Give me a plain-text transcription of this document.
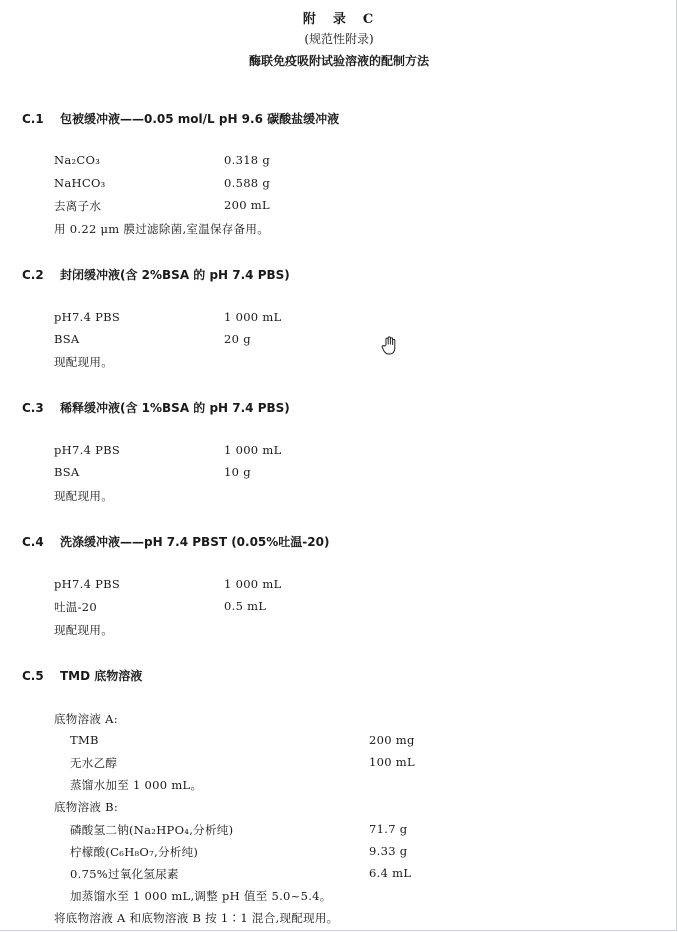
附　录　C
(规范性附录)
酶联免疫吸附试验溶液的配制方法
C.1 包被缓冲液——0.05 mol/L pH 9.6 碳酸盐缓冲液
Na₂CO₃	0.318 g
NaHCO₃	0.588 g
去离子水	200 mL
用 0.22 μm 膜过滤除菌,室温保存备用。
C.2 封闭缓冲液(含 2%BSA 的 pH 7.4 PBS)
pH7.4 PBS	1 000 mL
BSA	20 g
现配现用。
C.3 稀释缓冲液(含 1%BSA 的 pH 7.4 PBS)
pH7.4 PBS	1 000 mL
BSA	10 g
现配现用。
C.4 洗涤缓冲液——pH 7.4 PBST (0.05%吐温-20)
pH7.4 PBS	1 000 mL
吐温-20	0.5 mL
现配现用。
C.5 TMD 底物溶液
底物溶液 A:
TMB	200 mg
无水乙醇	100 mL
蒸馏水加至 1 000 mL。
底物溶液 B:
磷酸氢二钠(Na₂HPO₄,分析纯)	71.7 g
柠檬酸(C₆H₈O₇,分析纯)	9.33 g
0.75%过氧化氢尿素	6.4 mL
加蒸馏水至 1 000 mL,调整 pH 值至 5.0~5.4。
将底物溶液 A 和底物溶液 B 按 1∶1 混合,现配现用。
